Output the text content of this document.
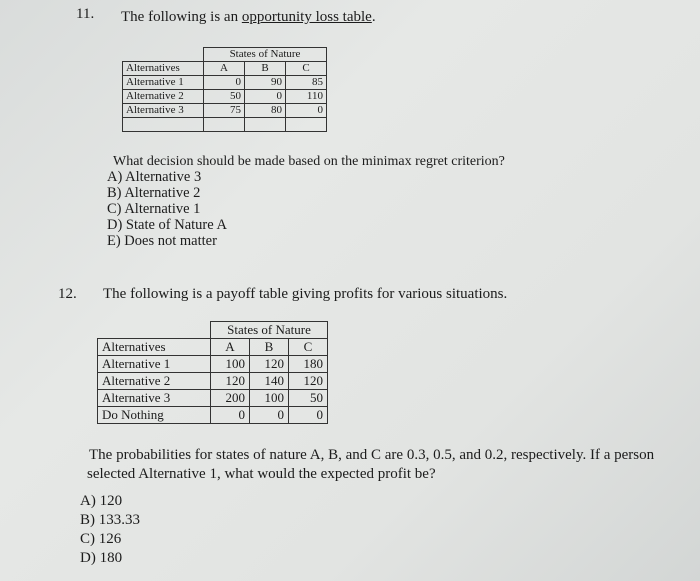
11. The following is an opportunity loss table.
	States of Nature		
Alternatives	A	B	C
Alternative 1	0	90	85
Alternative 2	50	0	110
Alternative 3	75	80	0

What decision should be made based on the minimax regret criterion?
A) Alternative 3
B) Alternative 2
C) Alternative 1
D) State of Nature A
E) Does not matter
12. The following is a payoff table giving profits for various situations.
	States of Nature		
Alternatives	A	B	C
Alternative 1	100	120	180
Alternative 2	120	140	120
Alternative 3	200	100	50
Do Nothing	0	0	0
The probabilities for states of nature A, B, and C are 0.3, 0.5, and 0.2, respectively. If a person
selected Alternative 1, what would the expected profit be?
A) 120
B) 133.33
C) 126
D) 180
